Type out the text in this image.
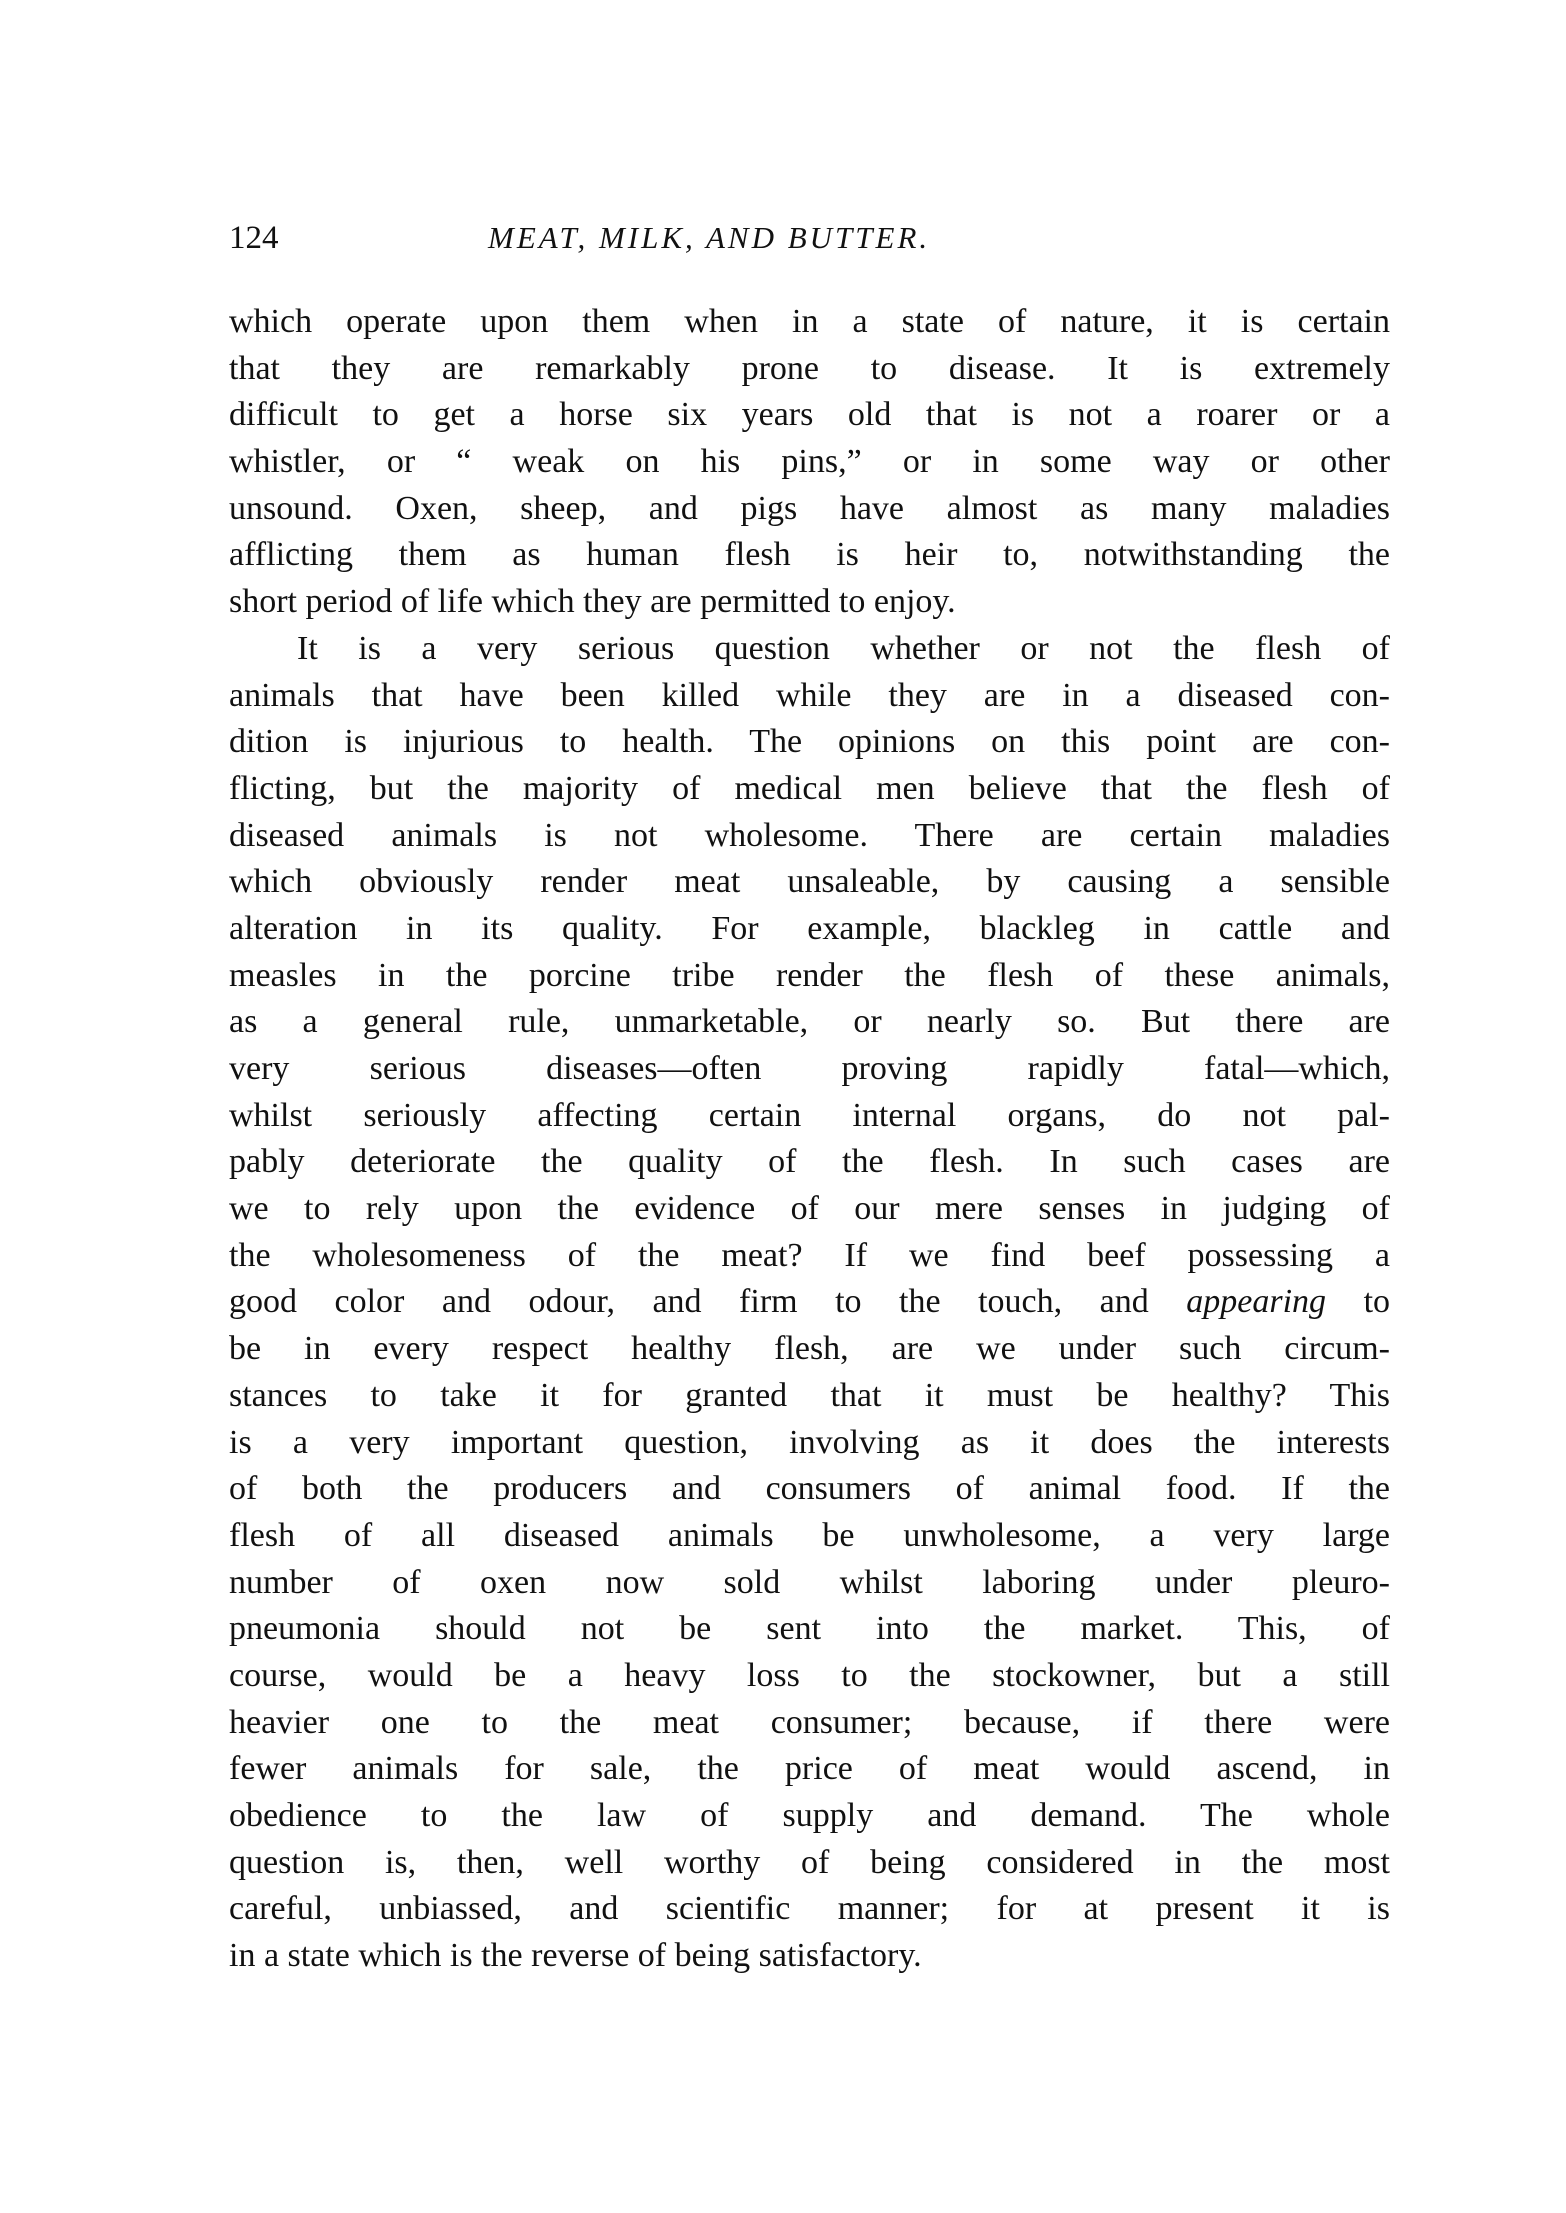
124	MEAT, MILK, AND BUTTER.
which operate upon them when in a state of nature, it is certain
that they are remarkably prone to disease. It is extremely
difficult to get a horse six years old that is not a roarer or a
whistler, or “ weak on his pins,” or in some way or other
unsound. Oxen, sheep, and pigs have almost as many maladies
afflicting them as human flesh is heir to, notwithstanding the
short period of life which they are permitted to enjoy.
It is a very serious question whether or not the flesh of
animals that have been killed while they are in a diseased con-
dition is injurious to health. The opinions on this point are con-
flicting, but the majority of medical men believe that the flesh of
diseased animals is not wholesome. There are certain maladies
which obviously render meat unsaleable, by causing a sensible
alteration in its quality. For example, blackleg in cattle and
measles in the porcine tribe render the flesh of these animals,
as a general rule, unmarketable, or nearly so. But there are
very serious diseases—often proving rapidly fatal—which,
whilst seriously affecting certain internal organs, do not pal-
pably deteriorate the quality of the flesh. In such cases are
we to rely upon the evidence of our mere senses in judging of
the wholesomeness of the meat? If we find beef possessing a
good color and odour, and firm to the touch, and appearing to
be in every respect healthy flesh, are we under such circum-
stances to take it for granted that it must be healthy? This
is a very important question, involving as it does the interests
of both the producers and consumers of animal food. If the
flesh of all diseased animals be unwholesome, a very large
number of oxen now sold whilst laboring under pleuro-
pneumonia should not be sent into the market. This, of
course, would be a heavy loss to the stockowner, but a still
heavier one to the meat consumer; because, if there were
fewer animals for sale, the price of meat would ascend, in
obedience to the law of supply and demand. The whole
question is, then, well worthy of being considered in the most
careful, unbiassed, and scientific manner; for at present it is
in a state which is the reverse of being satisfactory.
